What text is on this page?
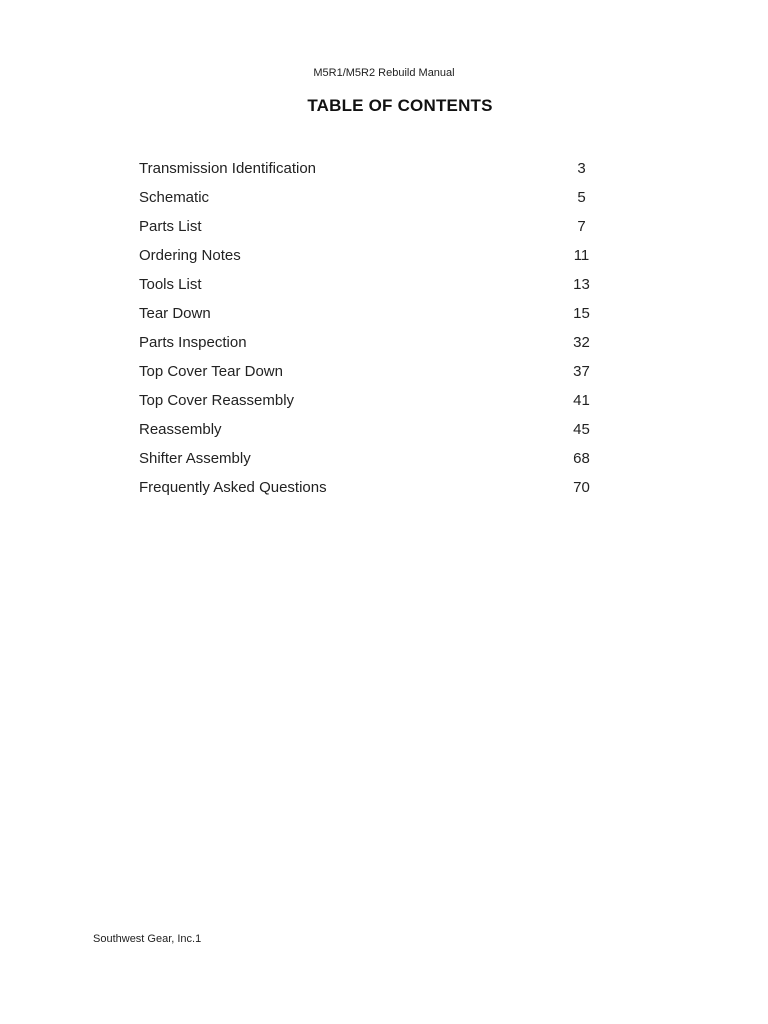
M5R1/M5R2 Rebuild Manual
TABLE OF CONTENTS
Transmission Identification	3
Schematic	5
Parts List	7
Ordering Notes	11
Tools List	13
Tear Down	15
Parts Inspection	32
Top Cover Tear Down	37
Top Cover Reassembly	41
Reassembly	45
Shifter Assembly	68
Frequently Asked Questions	70
Southwest Gear, Inc.1
